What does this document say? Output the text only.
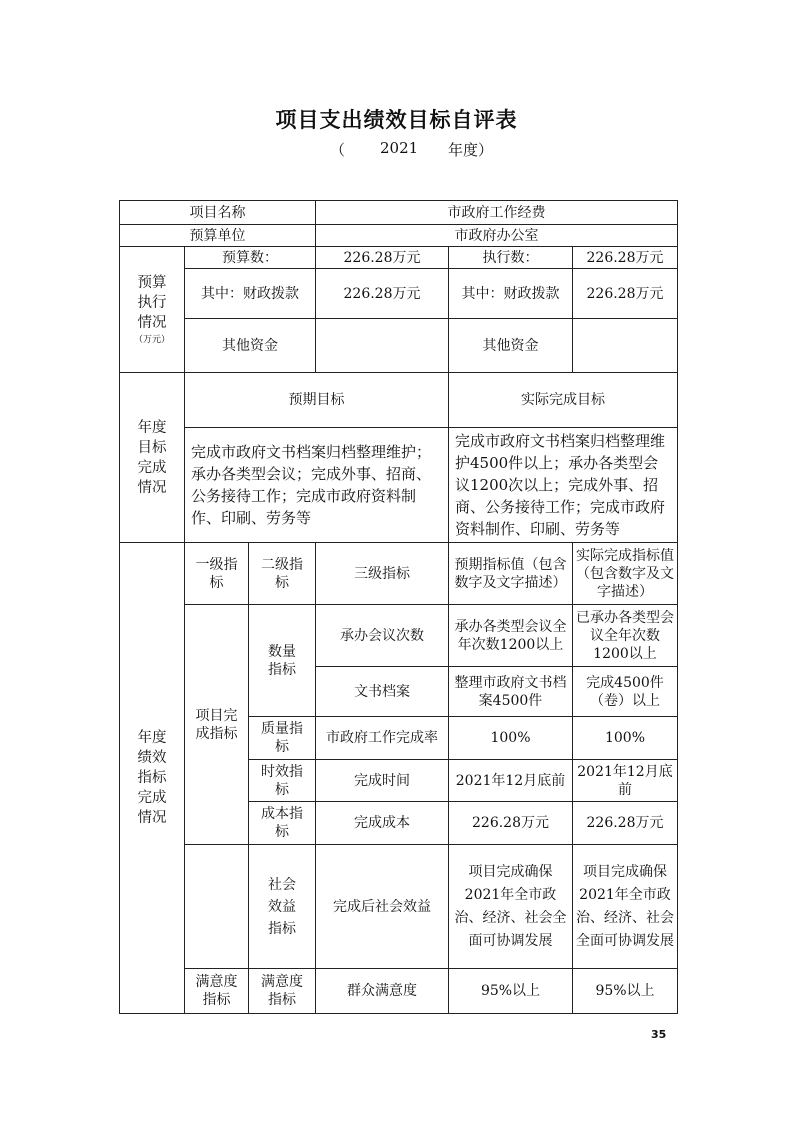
项目支出绩效目标自评表
（ 2021 年度）
项目名称			市政府工作经费		
预算单位			市政府办公室		

预算执行情况
（万元）	预算数：		226.28万元	执行数：	226.28万元
	其中：财政拨款		226.28万元	其中：财政拨款	226.28万元
	其他资金			其他资金	

年度目标完成情况	预期目标			实际完成目标	
	完成市政府文书档案归档整理维护；承办各类型会议；完成外事、招商、公务接待工作；完成市政府资料制作、印刷、劳务等			完成市政府文书档案归档整理维护4500件以上；承办各类型会议1200次以上；完成外事、招商、公务接待工作；完成市政府资料制作、印刷、劳务等	

年度绩效指标完成情况	一级指标	二级指标	三级指标	预期指标值（包含数字及文字描述）	实际完成指标值（包含数字及文字描述）

	项目完成指标	数量指标	承办会议次数	承办各类型会议全年次数1200以上	已承办各类型会议全年次数1200以上
			文书档案	整理市政府文书档案4500件	完成4500件（卷）以上

		质量指标	市政府工作完成率	100%	100%

		时效指标	完成时间	2021年12月底前	2021年12月底前

		成本指标	完成成本	226.28万元	226.28万元

		社会效益指标	完成后社会效益	项目完成确保2021年全市政治、经济、社会全面可协调发展	项目完成确保2021年全市政治、经济、社会全面可协调发展

	满意度指标	满意度指标	群众满意度	95%以上	95%以上
35
